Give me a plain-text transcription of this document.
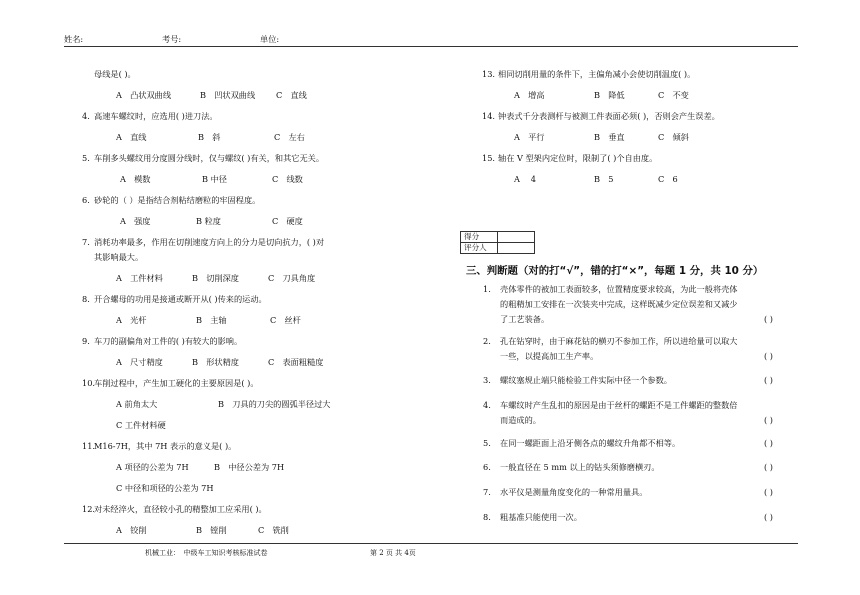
姓名:	考号:	单位:
母线是( )。
A　凸状双曲线	B　凹状双曲线	C　直线
4. 高速车螺纹时，应选用( )进刀法。
A　直线	B　斜	C　左右
5. 车削多头螺纹用分度圆分线时，仅与螺纹( )有关，和其它无关。
A　模数	B 中径	C　线数
6. 砂轮的（ ）是指结合剂粘结磨粒的牢固程度。
A　强度	B 粒度	C　硬度
7. 消耗功率最多，作用在切削速度方向上的分力是切向抗力，( )对
其影响最大。
A　工件材料	B　切削深度	C　刀具角度
8. 开合螺母的功用是接通或断开从( )传来的运动。
A　光杆	B　主轴	C　丝杆
9. 车刀的副偏角对工件的( )有较大的影响。
A　尺寸精度	B　形状精度	C　表面粗糙度
10.车削过程中，产生加工硬化的主要原因是( )。
A 前角太大	B　刀具的刀尖的圆弧半径过大
C 工件材料硬
11.M16-7H，其中 7H 表示的意义是( )。
A 项径的公差为 7H	B　中径公差为 7H
C 中径和项径的公差为 7H
12.对未经淬火，直径较小孔的精整加工应采用( )。
A　铰削	B　镗削	C　铣削
13. 相同切削用量的条件下，主偏角减小会使切削温度( )。
A　增高	B　降低	C　不变
14. 钟表式千分表测杆与被测工件表面必须( )，否则会产生误差。
A　平行	B　垂直	C　倾斜
15. 轴在 V 型架内定位时，限制了( )个自由度。
A　 4	B　5	C　6
得分	
评分人	
三、判断题（对的打“√”，错的打“×”，每题 1 分，共 10 分）
1.	壳体零件的被加工表面较多，位置精度要求较高，为此一般将壳体
的粗精加工安排在一次装夹中完成，这样既减少定位误差和又减少
了工艺装备。	( )
2.	孔在钻穿时，由于麻花钻的横刃不参加工作，所以进给量可以取大
一些，以提高加工生产率。	( )
3.	螺纹塞规止端只能检验工件实际中径一个参数。	( )
4.	车螺纹时产生乱扣的原因是由于丝杆的螺距不是工件螺距的整数倍
而造成的。	( )
5.	在同一螺距面上沿牙侧各点的螺纹升角都不相等。	( )
6.	一般直径在 5 mm 以上的钻头须修磨横刃。	( )
7.	水平仪是测量角度变化的一种常用量具。	( )
8.	粗基准只能使用一次。	( )
机械工业：　中级车工知识考核标准试卷	第 2 页 共 4页
